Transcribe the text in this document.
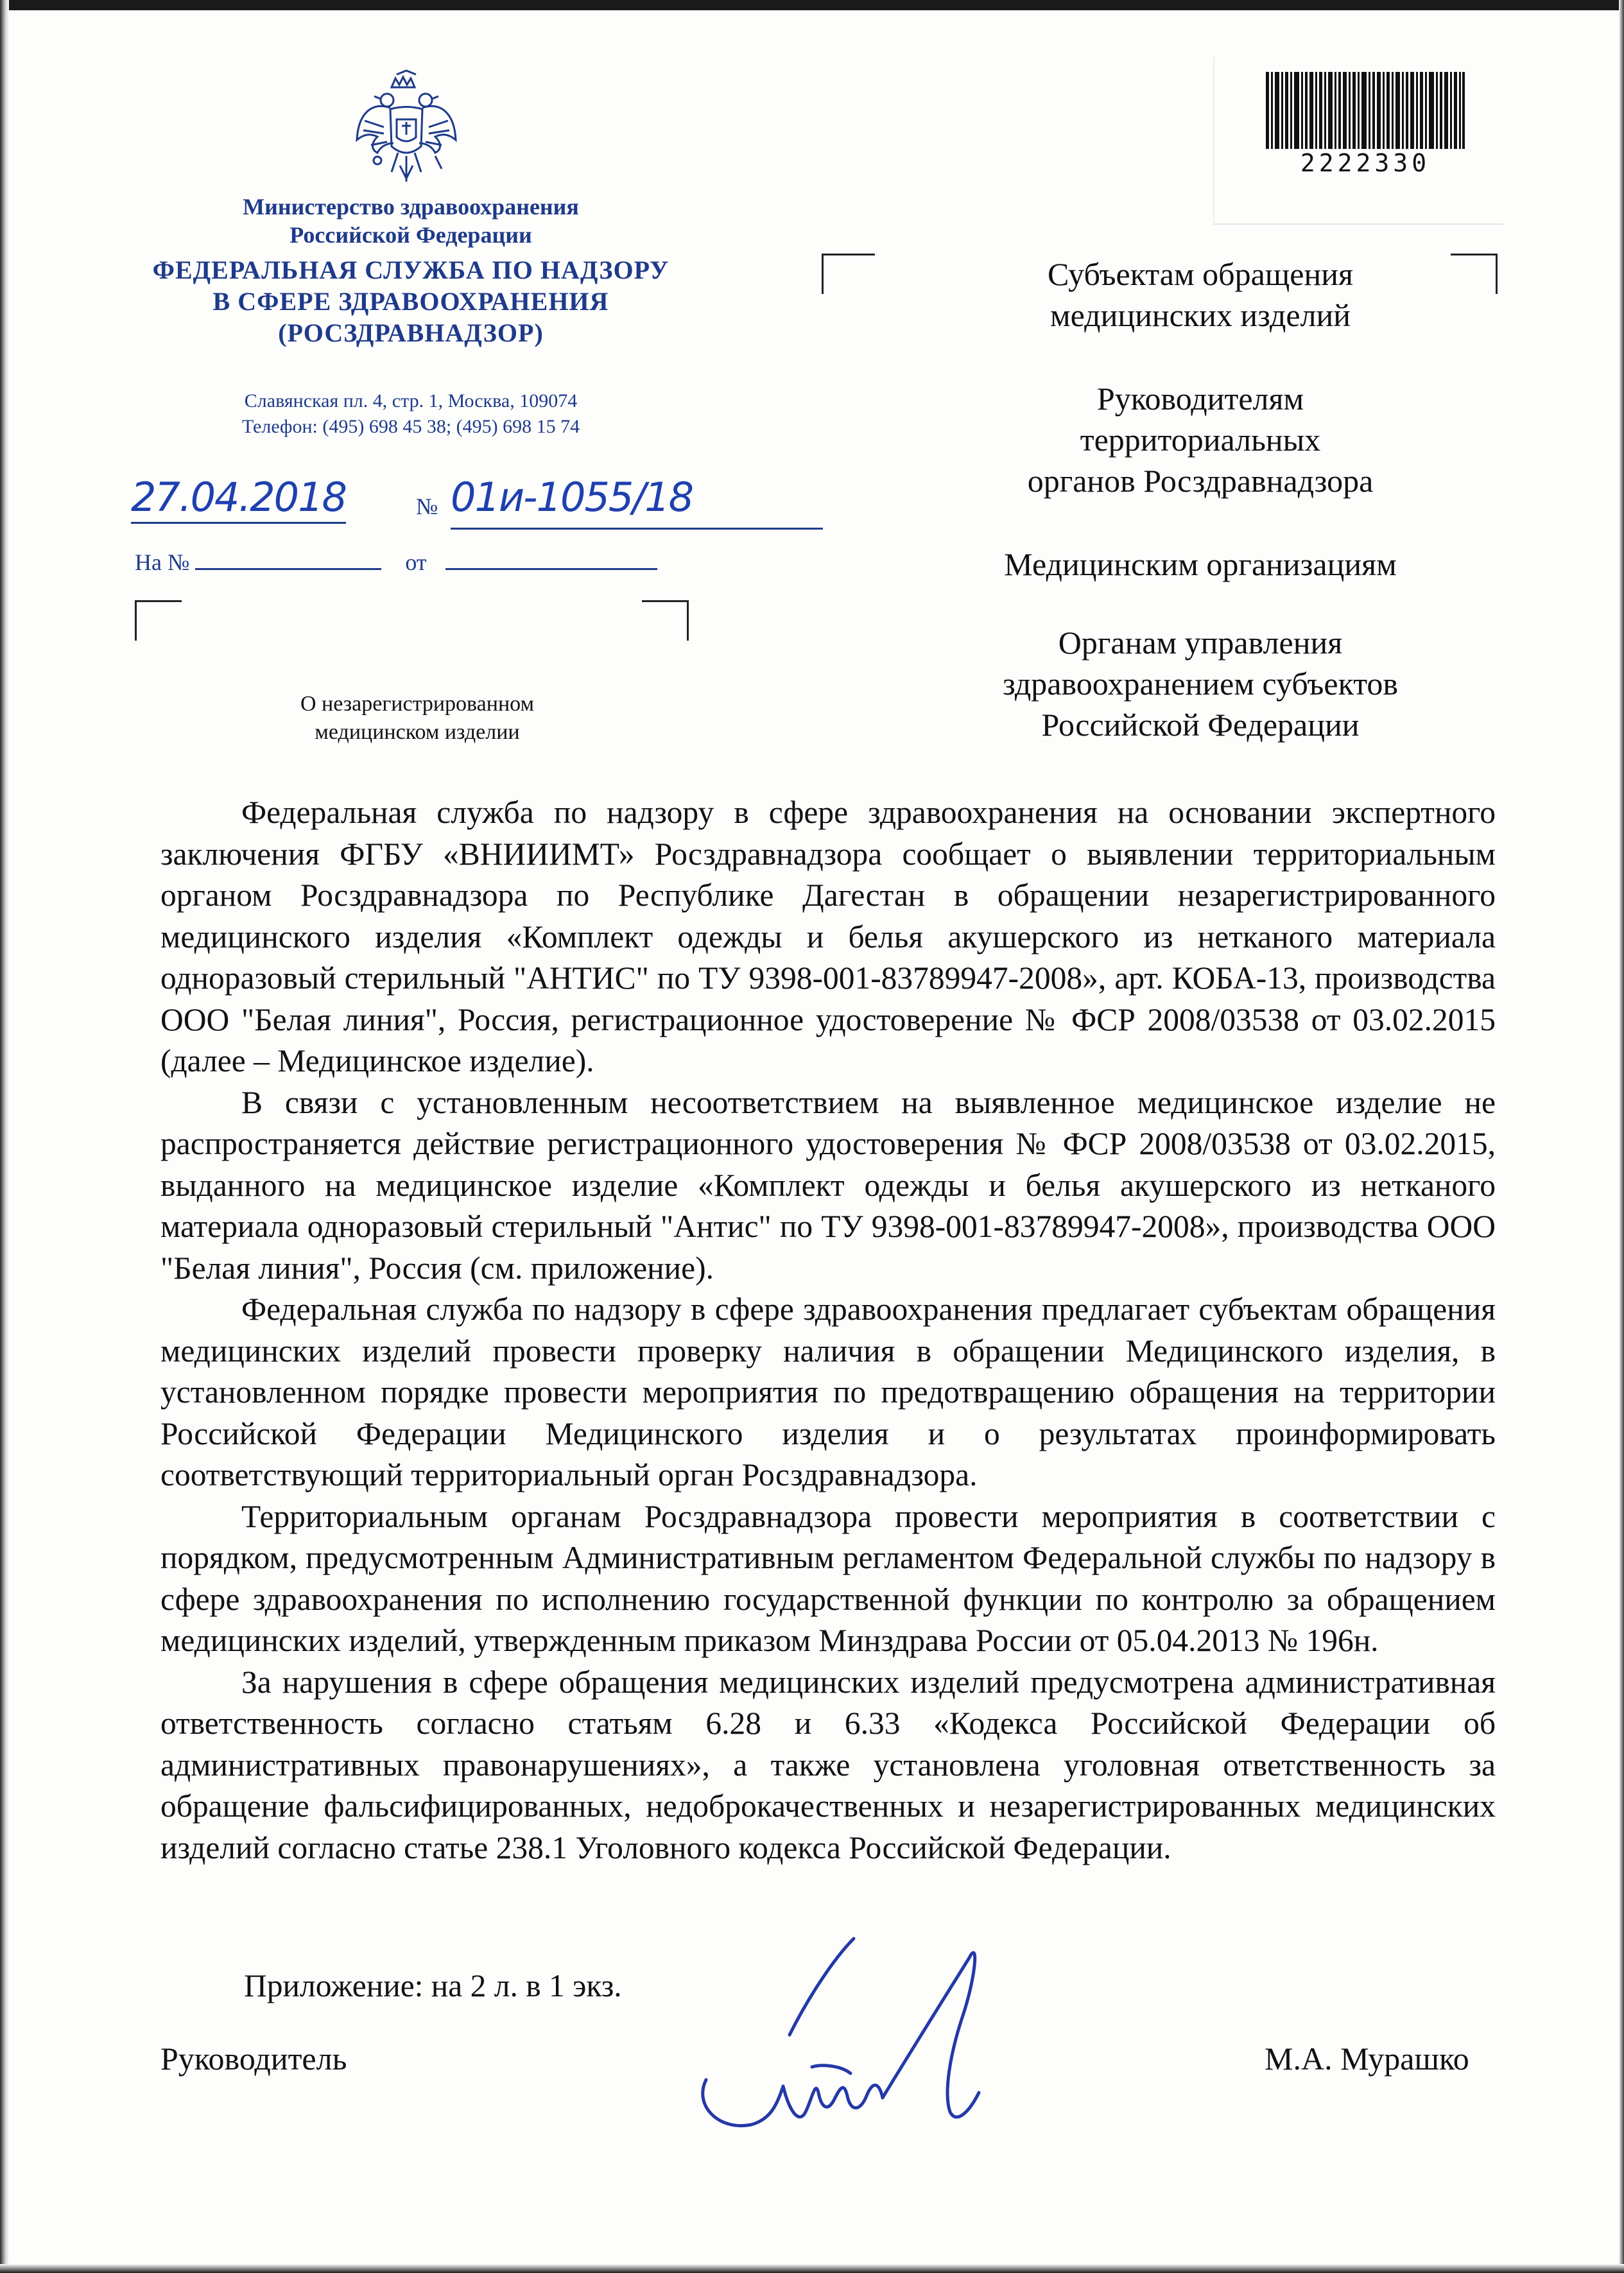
Министерство здравоохранения
Российской Федерации
ФЕДЕРАЛЬНАЯ СЛУЖБА ПО НАДЗОРУ
В СФЕРЕ ЗДРАВООХРАНЕНИЯ
(РОСЗДРАВНАДЗОР)
Славянская пл. 4, стр. 1, Москва, 109074
Телефон: (495) 698 45 38; (495) 698 15 74
27.04.2018	№ 01и-1055/18
На №	от
О незарегистрированном
медицинском изделии
2222330
Субъектам обращения
медицинских изделий
Руководителям
территориальных
органов Росздравнадзора
Медицинским организациям
Органам управления
здравоохранением субъектов
Российской Федерации

Федеральная служба по надзору в сфере здравоохранения на основании экспертного заключения ФГБУ «ВНИИИМТ» Росздравнадзора сообщает о выявлении территориальным органом Росздравнадзора по Республике Дагестан в обращении незарегистрированного медицинского изделия «Комплект одежды и белья акушерского из нетканого материала одноразовый стерильный "АНТИС" по ТУ 9398-001-83789947-2008», арт. КОБА-13, производства ООО "Белая линия", Россия, регистрационное удостоверение № ФСР 2008/03538 от 03.02.2015 (далее – Медицинское изделие).

В связи с установленным несоответствием на выявленное медицинское изделие не распространяется действие регистрационного удостоверения № ФСР 2008/03538 от 03.02.2015, выданного на медицинское изделие «Комплект одежды и белья акушерского из нетканого материала одноразовый стерильный "Антис" по ТУ 9398-001-83789947-2008», производства ООО "Белая линия", Россия (см. приложение).

Федеральная служба по надзору в сфере здравоохранения предлагает субъектам обращения медицинских изделий провести проверку наличия в обращении Медицинского изделия, в установленном порядке провести мероприятия по предотвращению обращения на территории Российской Федерации Медицинского изделия и о результатах проинформировать соответствующий территориальный орган Росздравнадзора.

Территориальным органам Росздравнадзора провести мероприятия в соответствии с порядком, предусмотренным Административным регламентом Федеральной службы по надзору в сфере здравоохранения по исполнению государственной функции по контролю за обращением медицинских изделий, утвержденным приказом Минздрава России от 05.04.2013 № 196н.

За нарушения в сфере обращения медицинских изделий предусмотрена административная ответственность согласно статьям 6.28 и 6.33 «Кодекса Российской Федерации об административных правонарушениях», а также установлена уголовная ответственность за обращение фальсифицированных, недоброкачественных и незарегистрированных медицинских изделий согласно статье 238.1 Уголовного кодекса Российской Федерации.

Приложение: на 2 л. в 1 экз.
Руководитель	М.А. Мурашко
